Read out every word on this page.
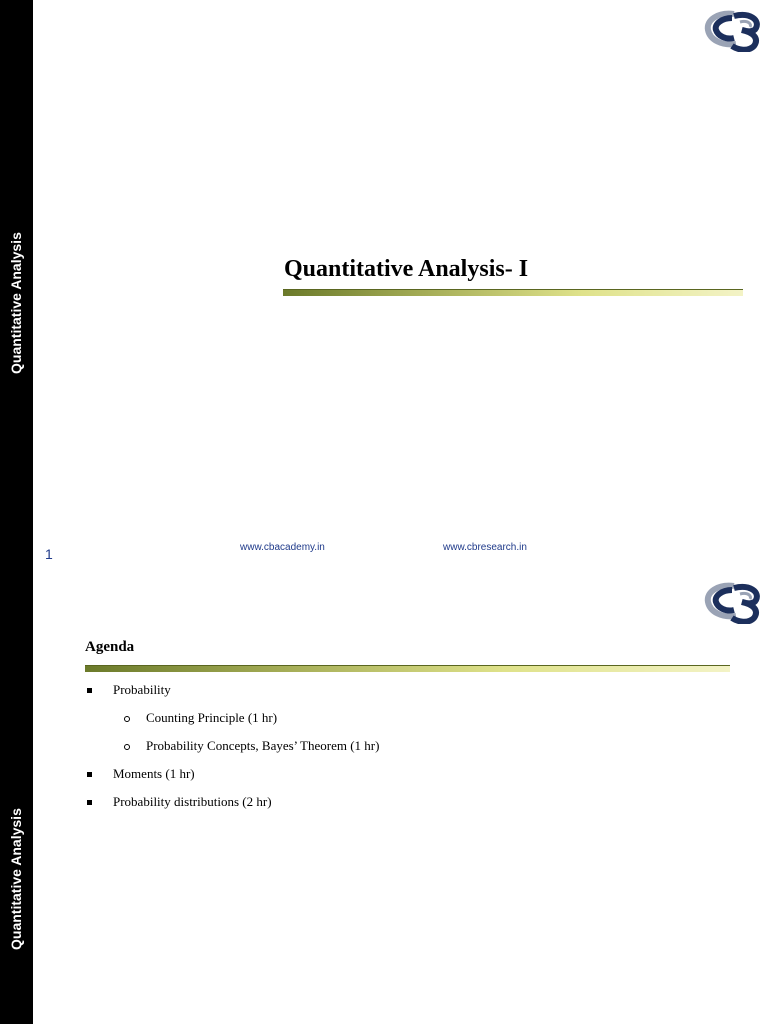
Quantitative Analysis	Quantitative Analysis- I
1	www.cbacademy.in	www.cbresearch.in
Quantitative Analysis
Agenda
Probability
Counting Principle (1 hr)
Probability Concepts, Bayes’ Theorem (1 hr)
Moments (1 hr)
Probability distributions (2 hr)
